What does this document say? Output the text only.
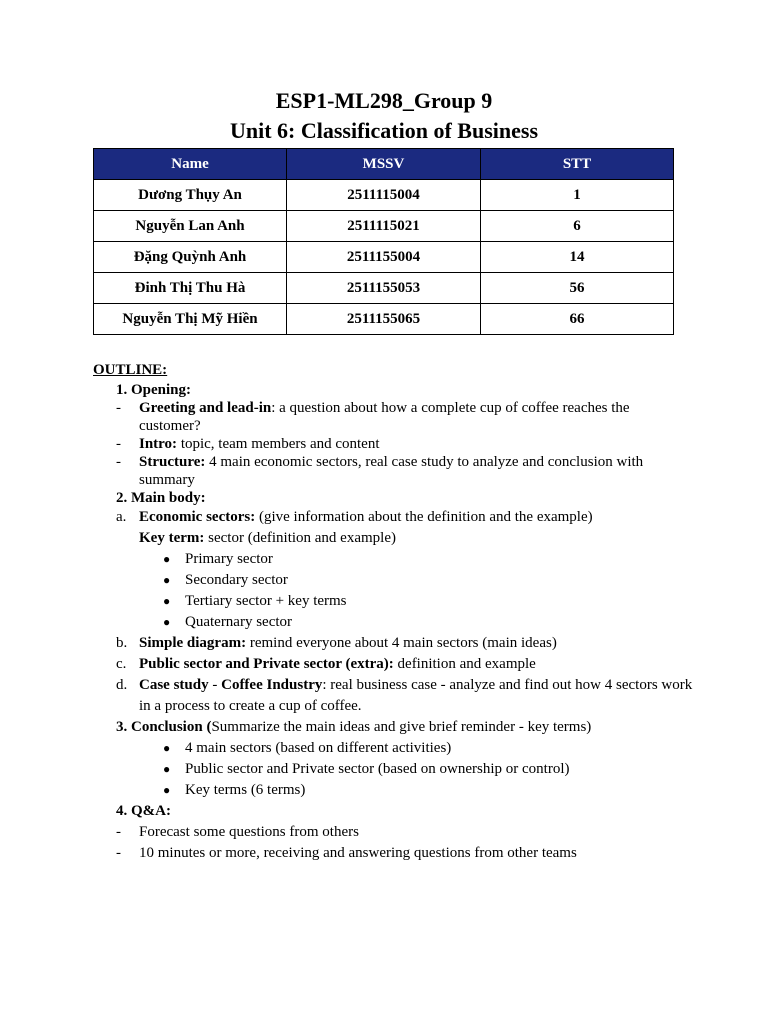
ESP1-ML298_Group 9
Unit 6: Classification of Business
Name	MSSV	STT
Dương Thụy An	2511115004	1
Nguyễn Lan Anh	2511115021	6
Đặng Quỳnh Anh	2511155004	14
Đinh Thị Thu Hà	2511155053	56
Nguyễn Thị Mỹ Hiền	2511155065	66
OUTLINE:
1. Opening:
- Greeting and lead-in: a question about how a complete cup of coffee reaches the customer?
- Intro: topic, team members and content
- Structure: 4 main economic sectors, real case study to analyze and conclusion with summary
2. Main body:
a. Economic sectors: (give information about the definition and the example)
Key term: sector (definition and example)
● Primary sector
● Secondary sector
● Tertiary sector + key terms
● Quaternary sector
b. Simple diagram: remind everyone about 4 main sectors (main ideas)
c. Public sector and Private sector (extra): definition and example
d. Case study - Coffee Industry: real business case - analyze and find out how 4 sectors work in a process to create a cup of coffee.
3. Conclusion (Summarize the main ideas and give brief reminder - key terms)
● 4 main sectors (based on different activities)
● Public sector and Private sector (based on ownership or control)
● Key terms (6 terms)
4. Q&A:
- Forecast some questions from others
- 10 minutes or more, receiving and answering questions from other teams
